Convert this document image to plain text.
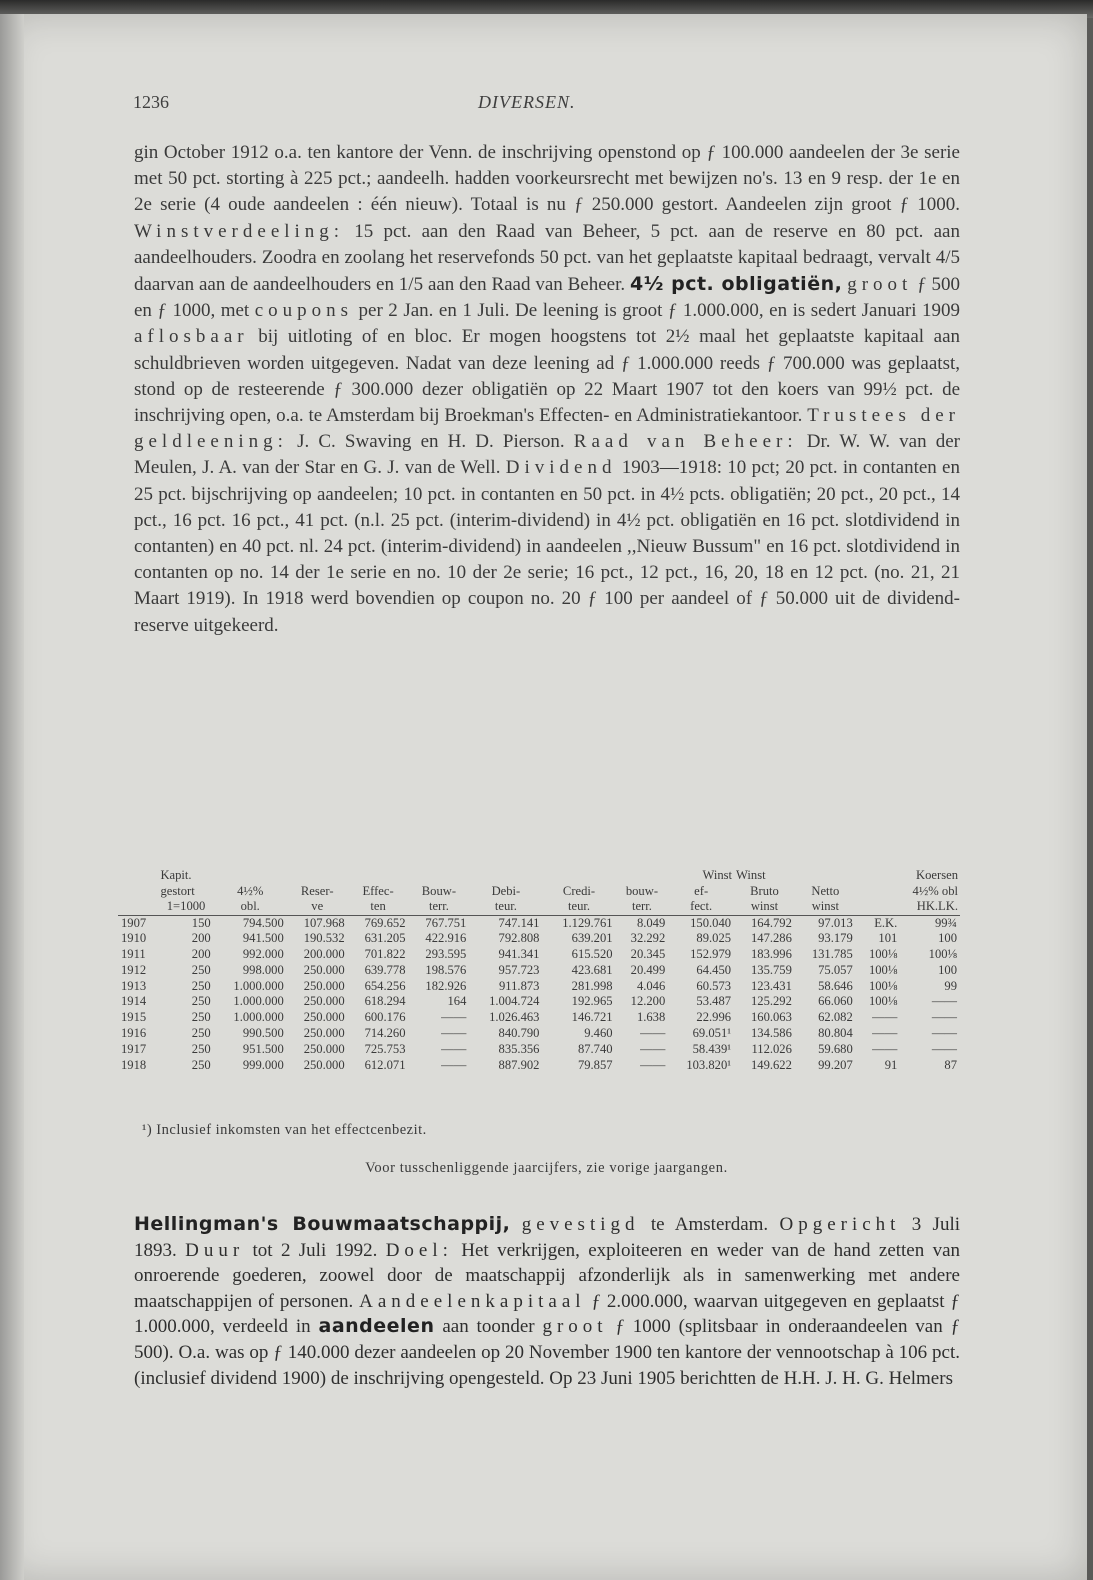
1236	DIVERSEN.

gin October 1912 o.a. ten kantore der Venn. de inschrijving openstond op ƒ 100.000 aandeelen der 3e serie met 50 pct. storting à 225 pct.; aandeelh. hadden voorkeursrecht met bewijzen no's. 13 en 9 resp. der 1e en 2e serie (4 oude aandeelen : één nieuw). Totaal is nu ƒ 250.000 gestort. Aandeelen zijn groot ƒ 1000. Winstverdeeling: 15 pct. aan den Raad van Beheer, 5 pct. aan de reserve en 80 pct. aan aandeelhouders. Zoodra en zoolang het reservefonds 50 pct. van het geplaatste kapitaal bedraagt, vervalt 4/5 daarvan aan de aandeelhouders en 1/5 aan den Raad van Beheer. 4½ pct. obligatiën, groot ƒ 500 en ƒ 1000, met coupons per 2 Jan. en 1 Juli. De leening is groot ƒ 1.000.000, en is sedert Januari 1909 aflosbaar bij uitloting of en bloc. Er mogen hoogstens tot 2½ maal het geplaatste kapitaal aan schuldbrieven worden uitgegeven. Nadat van deze leening ad ƒ 1.000.000 reeds ƒ 700.000 was geplaatst, stond op de resteerende ƒ 300.000 dezer obligatiën op 22 Maart 1907 tot den koers van 99½ pct. de inschrijving open, o.a. te Amsterdam bij Broekman's Effecten- en Administratiekantoor. Trustees der geldleening: J. C. Swaving en H. D. Pierson. Raad van Beheer: Dr. W. W. van der Meulen, J. A. van der Star en G. J. van de Well. Dividend 1903—1918: 10 pct; 20 pct. in contanten en 25 pct. bijschrijving op aandeelen; 10 pct. in contanten en 50 pct. in 4½ pcts. obligatiën; 20 pct., 20 pct., 14 pct., 16 pct. 16 pct., 41 pct. (n.l. 25 pct. (interim-dividend) in 4½ pct. obligatiën en 16 pct. slotdividend in contanten) en 40 pct. nl. 24 pct. (interim-dividend) in aandeelen ,,Nieuw Bussum" en 16 pct. slotdividend in contanten op no. 14 der 1e serie en no. 10 der 2e serie; 16 pct., 12 pct., 16, 20, 18 en 12 pct. (no. 21, 21 Maart 1919). In 1918 werd bovendien op coupon no. 20 ƒ 100 per aandeel of ƒ 50.000 uit de dividend-reserve uitgekeerd.

	Kapit.								Winst	Winst			Koersen
	gestort	4½%	Reser-	Effec-	Bouw-	Debi-	Credi-	bouw-	ef-	Bruto	Netto	4½% obl	
	1=1000	obl.	ve	ten	terr.	teur.	teur.	terr.	fect.	winst	winst	HK.LK.	
1907	150	794.500	107.968	769.652	767.751	747.141	1.129.761	8.049	150.040	164.792	97.013	E.K.	99¾
1910	200	941.500	190.532	631.205	422.916	792.808	639.201	32.292	89.025	147.286	93.179	101	100
1911	200	992.000	200.000	701.822	293.595	941.341	615.520	20.345	152.979	183.996	131.785	100⅛	100⅛
1912	250	998.000	250.000	639.778	198.576	957.723	423.681	20.499	64.450	135.759	75.057	100⅛	100
1913	250	1.000.000	250.000	654.256	182.926	911.873	281.998	4.046	60.573	123.431	58.646	100⅛	99
1914	250	1.000.000	250.000	618.294	164	1.004.724	192.965	12.200	53.487	125.292	66.060	100⅛	——
1915	250	1.000.000	250.000	600.176	——	1.026.463	146.721	1.638	22.996	160.063	62.082	——	——
1916	250	990.500	250.000	714.260	——	840.790	9.460	——	69.051¹	134.586	80.804	——	——
1917	250	951.500	250.000	725.753	——	835.356	87.740	——	58.439¹	112.026	59.680	——	——
1918	250	999.000	250.000	612.071	——	887.902	79.857	——	103.820¹	149.622	99.207	91	87
¹) Inclusief inkomsten van het effectcenbezit.
Voor tusschenliggende jaarcijfers, zie vorige jaargangen.

Hellingman's Bouwmaatschappij, gevestigd te Amsterdam. Opgericht 3 Juli 1893. Duur tot 2 Juli 1992. Doel: Het verkrijgen, exploiteeren en weder van de hand zetten van onroerende goederen, zoowel door de maatschappij afzonderlijk als in samenwerking met andere maatschappijen of personen. Aandeelenkapitaal ƒ 2.000.000, waarvan uitgegeven en geplaatst ƒ 1.000.000, verdeeld in aandeelen aan toonder groot ƒ 1000 (splitsbaar in onderaandeelen van ƒ 500). O.a. was op ƒ 140.000 dezer aandeelen op 20 November 1900 ten kantore der vennootschap à 106 pct. (inclusief dividend 1900) de inschrijving opengesteld. Op 23 Juni 1905 berichtten de H.H. J. H. G. Helmers
